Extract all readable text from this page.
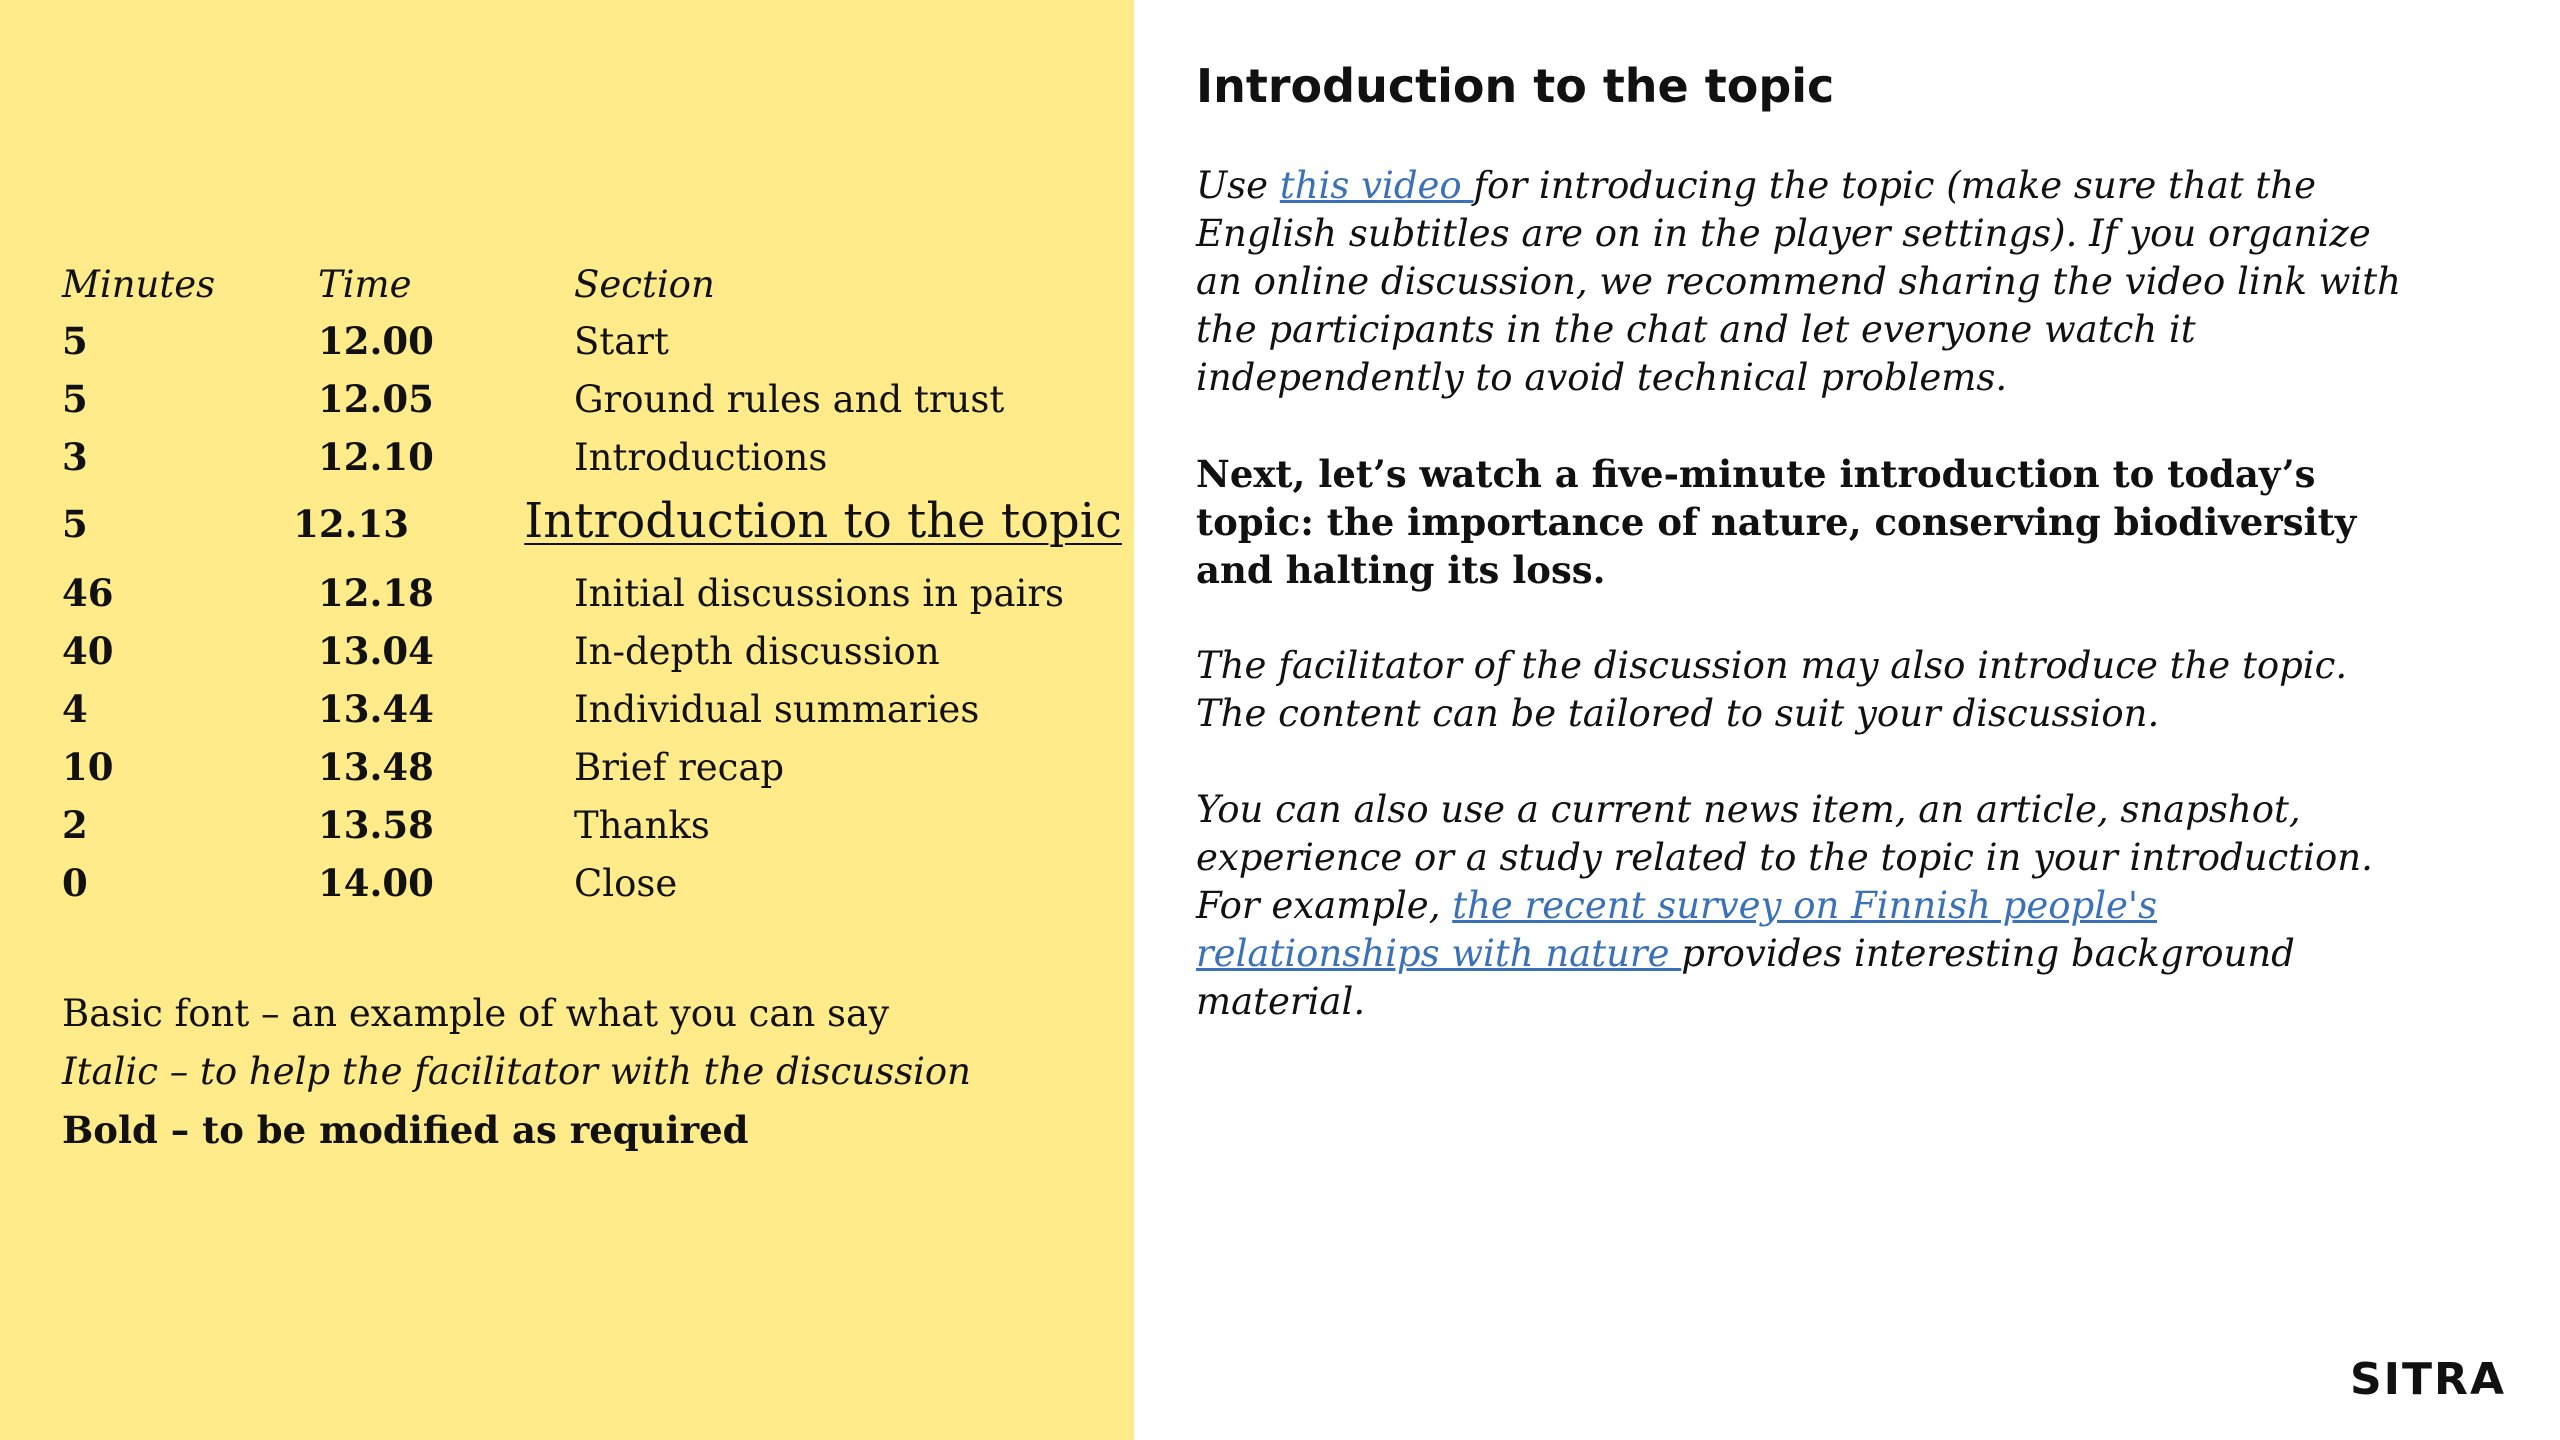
Minutes	Time	Section
5	12.00	Start
5	12.05	Ground rules and trust
3	12.10	Introductions
5	12.13	Introduction to the topic
46	12.18	Initial discussions in pairs
40	13.04	In-depth discussion
4	13.44	Individual summaries
10	13.48	Brief recap
2	13.58	Thanks
0	14.00	Close
Basic font – an example of what you can say
Italic – to help the facilitator with the discussion
Bold – to be modified as required
Introduction to the topic

Use this video for introducing the topic (make sure that the English subtitles are on in the player settings). If you organize an online discussion, we recommend sharing the video link with the participants in the chat and let everyone watch it independently to avoid technical problems.

Next, let’s watch a five-minute introduction to today’s topic: the importance of nature, conserving biodiversity and halting its loss.

The facilitator of the discussion may also introduce the topic. The content can be tailored to suit your discussion.

You can also use a current news item, an article, snapshot, experience or a study related to the topic in your introduction. For example, the recent survey on Finnish people's relationships with nature provides interesting background material.

SITRA
